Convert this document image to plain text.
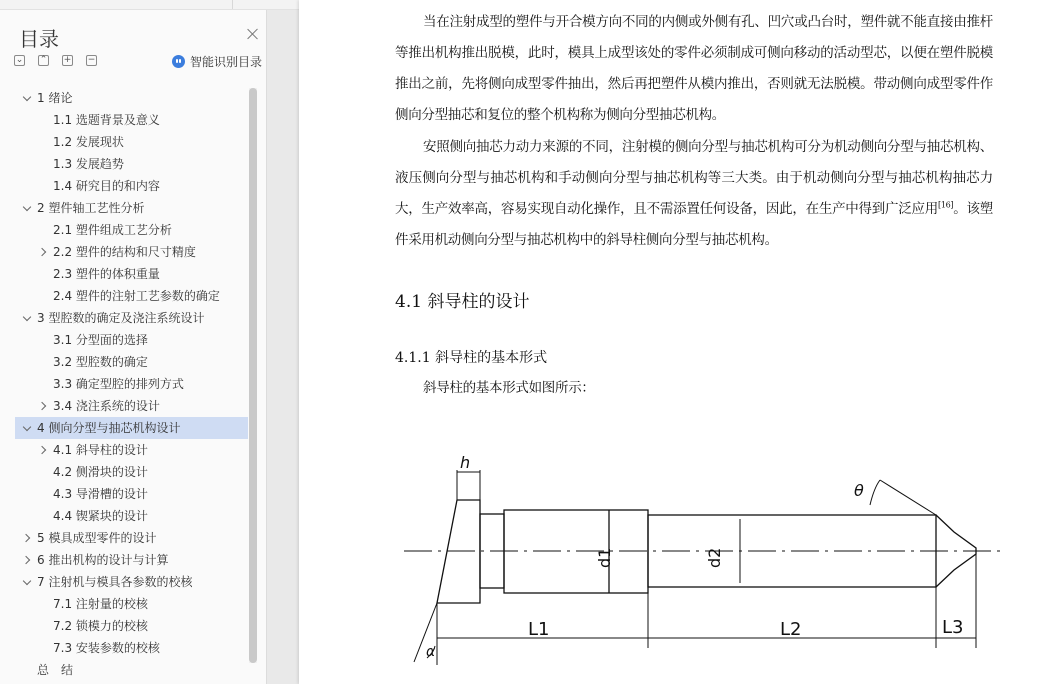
目录
⌄ ⌃ + −	智能识别目录
1 绪论
1.1 选题背景及意义
1.2 发展现状
1.3 发展趋势
1.4 研究目的和内容
2 塑件轴工艺性分析
2.1 塑件组成工艺分析
2.2 塑件的结构和尺寸精度
2.3 塑件的体积重量
2.4 塑件的注射工艺参数的确定
3 型腔数的确定及浇注系统设计
3.1 分型面的选择
3.2 型腔数的确定
3.3 确定型腔的排列方式
3.4 浇注系统的设计
4 侧向分型与抽芯机构设计
4.1 斜导柱的设计
4.2 侧滑块的设计
4.3 导滑槽的设计
4.4 锲紧块的设计
5 模具成型零件的设计
6 推出机构的设计与计算
7 注射机与模具各参数的校核
7.1 注射量的校核
7.2 锁模力的校核
7.3 安装参数的校核
总　结
当在注射成型的塑件与开合模方向不同的内侧或外侧有孔、凹穴或凸台时，塑件就不能直接由推杆等推出机构推出脱模，此时，模具上成型该处的零件必须制成可侧向移动的活动型芯，以便在塑件脱模推出之前，先将侧向成型零件抽出，然后再把塑件从模内推出，否则就无法脱模。带动侧向成型零件作侧向分型抽芯和复位的整个机构称为侧向分型抽芯机构。
安照侧向抽芯力动力来源的不同，注射模的侧向分型与抽芯机构可分为机动侧向分型与抽芯机构、液压侧向分型与抽芯机构和手动侧向分型与抽芯机构等三大类。由于机动侧向分型与抽芯机构抽芯力大，生产效率高，容易实现自动化操作，且不需添置任何设备，因此，在生产中得到广泛应用[16]。该塑件采用机动侧向分型与抽芯机构中的斜导柱侧向分型与抽芯机构。
4.1 斜导柱的设计
4.1.1 斜导柱的基本形式
斜导柱的基本形式如图所示：
h
θ
d1	d2
L1	L2	L3
α
